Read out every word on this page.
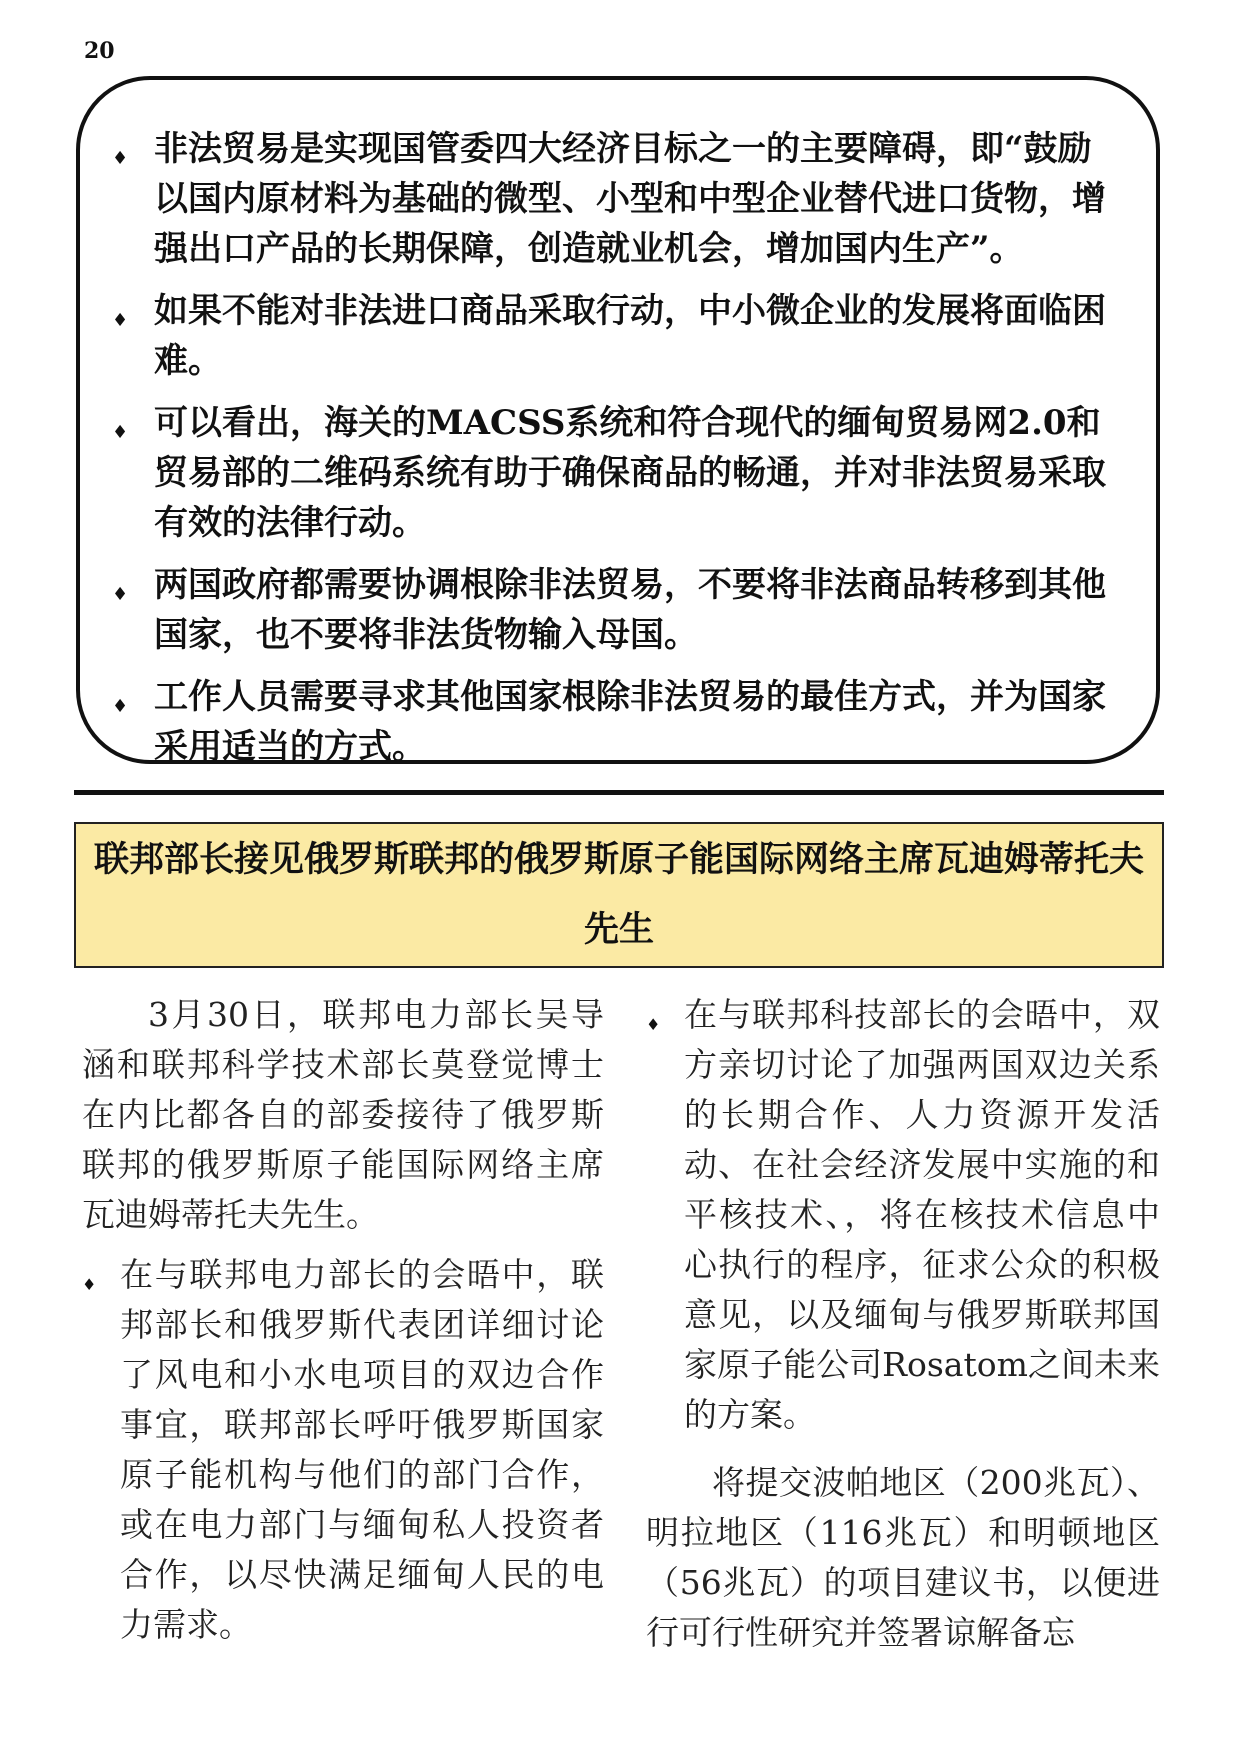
20
♦ 非法贸易是实现国管委四大经济目标之一的主要障碍，即“鼓励以国内原材料为基础的微型、小型和中型企业替代进口货物，增强出口产品的长期保障，创造就业机会，增加国内生产”。
♦ 如果不能对非法进口商品采取行动，中小微企业的发展将面临困难。
♦ 可以看出，海关的MACSS系统和符合现代的缅甸贸易网2.0和贸易部的二维码系统有助于确保商品的畅通，并对非法贸易采取有效的法律行动。
♦ 两国政府都需要协调根除非法贸易，不要将非法商品转移到其他国家，也不要将非法货物输入母国。
♦ 工作人员需要寻求其他国家根除非法贸易的最佳方式，并为国家采用适当的方式。
联邦部长接见俄罗斯联邦的俄罗斯原子能国际网络主席瓦迪姆蒂托夫先生

3月30日，联邦电力部长吴导涵和联邦科学技术部长莫登觉博士在内比都各自的部委接待了俄罗斯联邦的俄罗斯原子能国际网络主席瓦迪姆蒂托夫先生。

♦ 在与联邦电力部长的会晤中，联邦部长和俄罗斯代表团详细讨论了风电和小水电项目的双边合作事宜，联邦部长呼吁俄罗斯国家原子能机构与他们的部门合作，或在电力部门与缅甸私人投资者合作，以尽快满足缅甸人民的电力需求。
♦ 在与联邦科技部长的会晤中，双方亲切讨论了加强两国双边关系的长期合作、人力资源开发活动、在社会经济发展中实施的和平核技术、，将在核技术信息中心执行的程序，征求公众的积极意见，以及缅甸与俄罗斯联邦国家原子能公司Rosatom之间未来的方案。

将提交波帕地区（200兆瓦）、明拉地区（116兆瓦）和明顿地区（56兆瓦）的项目建议书，以便进行可行性研究并签署谅解备忘
